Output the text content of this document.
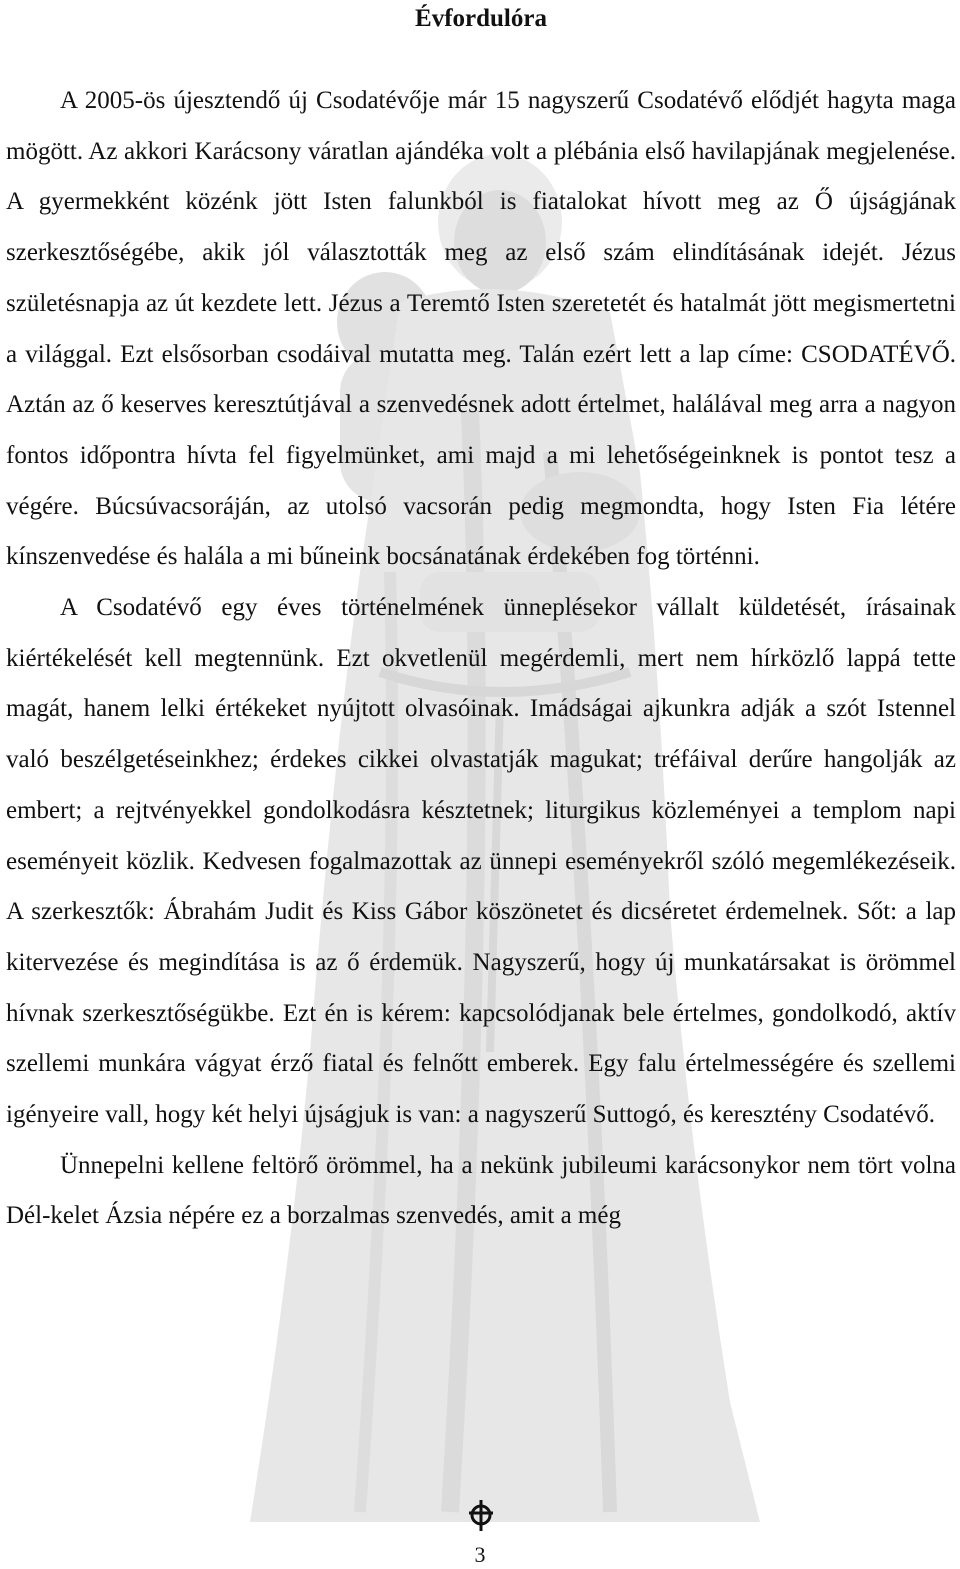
Évfordulóra

A 2005-ös újesztendő új Csodatévője már 15 nagyszerű Csodatévő elődjét hagyta maga mögött. Az akkori Karácsony váratlan ajándéka volt a plébánia első havilapjának megjelenése. A gyermekként közénk jött Isten falunkból is fiatalokat hívott meg az Ő újságjának szerkesztőségébe, akik jól választották meg az első szám elindításának idejét. Jézus születésnapja az út kezdete lett. Jézus a Teremtő Isten szeretetét és hatalmát jött megismertetni a világgal. Ezt elsősorban csodáival mutatta meg. Talán ezért lett a lap címe: CSODATÉVŐ. Aztán az ő keserves keresztútjával a szenvedésnek adott értelmet, halálával meg arra a nagyon fontos időpontra hívta fel figyelmünket, ami majd a mi lehetőségeinknek is pontot tesz a végére. Búcsúvacsoráján, az utolsó vacsorán pedig megmondta, hogy Isten Fia létére kínszenvedése és halála a mi bűneink bocsánatának érdekében fog történni.

A Csodatévő egy éves történelmének ünneplésekor vállalt küldetését, írásainak kiértékelését kell megtennünk. Ezt okvetlenül megérdemli, mert nem hírközlő lappá tette magát, hanem lelki értékeket nyújtott olvasóinak. Imádságai ajkunkra adják a szót Istennel való beszélgetéseinkhez; érdekes cikkei olvastatják magukat; tréfáival derűre hangolják az embert; a rejtvényekkel gondolkodásra késztetnek; liturgikus közleményei a templom napi eseményeit közlik. Kedvesen fogalmazottak az ünnepi eseményekről szóló megemlékezéseik. A szerkesztők: Ábrahám Judit és Kiss Gábor köszönetet és dicséretet érdemelnek. Sőt: a lap kitervezése és megindítása is az ő érdemük. Nagyszerű, hogy új munkatársakat is örömmel hívnak szerkesztőségükbe. Ezt én is kérem: kapcsolódjanak bele értelmes, gondolkodó, aktív szellemi munkára vágyat érző fiatal és felnőtt emberek. Egy falu értelmességére és szellemi igényeire vall, hogy két helyi újságjuk is van: a nagyszerű Suttogó, és keresztény Csodatévő.

Ünnepelni kellene feltörő örömmel, ha a nekünk jubileumi karácsonykor nem tört volna Dél-kelet Ázsia népére ez a borzalmas szenvedés, amit a még

3
